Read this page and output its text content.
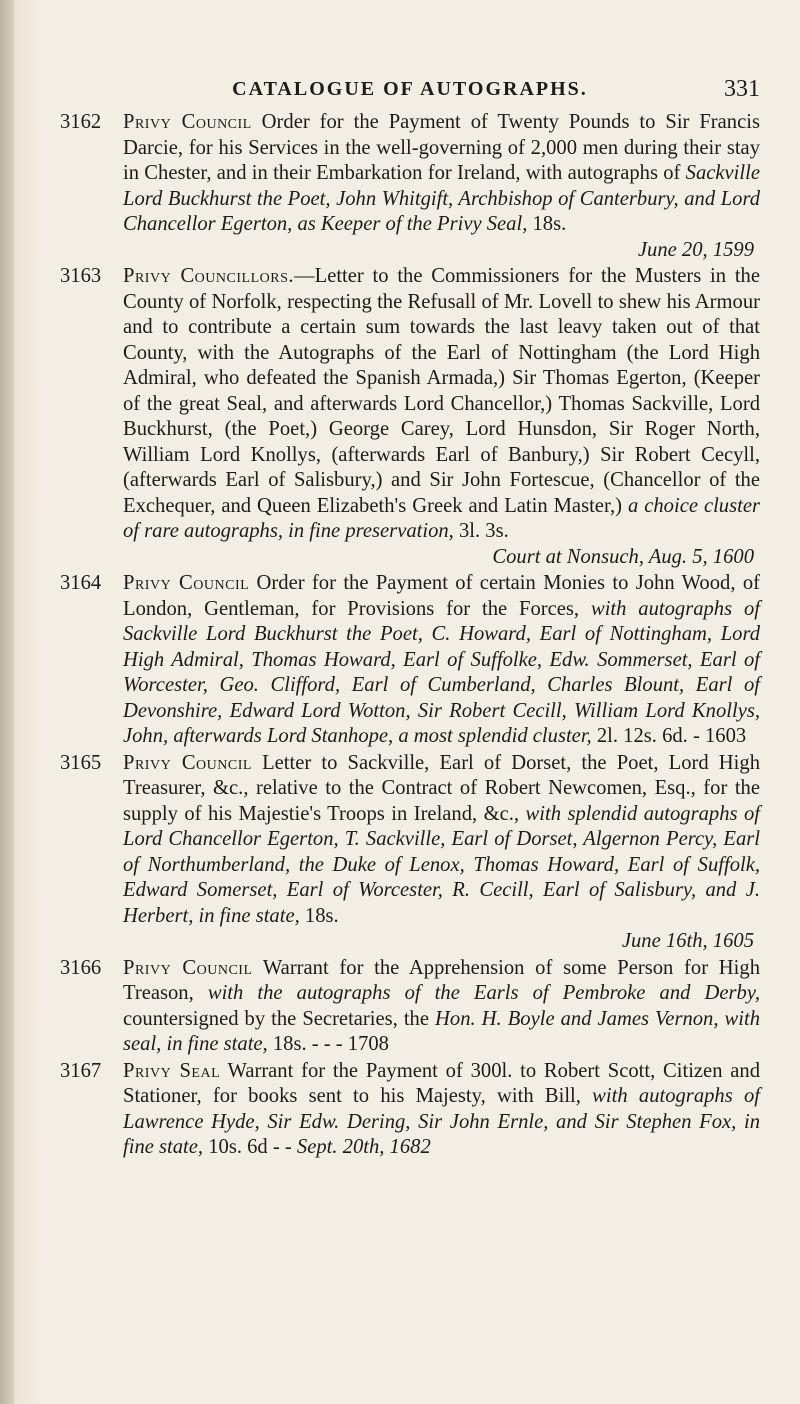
CATALOGUE OF AUTOGRAPHS.	331
3162	Privy Council Order for the Payment of Twenty Pounds to Sir Francis Darcie, for his Services in the well-governing of 2,000 men during their stay in Chester, and in their Embarkation for Ireland, with autographs of Sackville Lord Buckhurst the Poet, John Whitgift, Archbishop of Canterbury, and Lord Chancellor Egerton, as Keeper of the Privy Seal, 18s.
June 20, 1599
3163	Privy Councillors.—Letter to the Commissioners for the Musters in the County of Norfolk, respecting the Refusall of Mr. Lovell to shew his Armour and to contribute a certain sum towards the last leavy taken out of that County, with the Autographs of the Earl of Nottingham (the Lord High Admiral, who defeated the Spanish Armada,) Sir Thomas Egerton, (Keeper of the great Seal, and afterwards Lord Chancellor,) Thomas Sackville, Lord Buckhurst, (the Poet,) George Carey, Lord Hunsdon, Sir Roger North, William Lord Knollys, (afterwards Earl of Banbury,) Sir Robert Cecyll, (afterwards Earl of Salisbury,) and Sir John Fortescue, (Chancellor of the Exchequer, and Queen Elizabeth's Greek and Latin Master,) a choice cluster of rare autographs, in fine preservation, 3l. 3s.
Court at Nonsuch, Aug. 5, 1600
3164	Privy Council Order for the Payment of certain Monies to John Wood, of London, Gentleman, for Provisions for the Forces, with autographs of Sackville Lord Buckhurst the Poet, C. Howard, Earl of Nottingham, Lord High Admiral, Thomas Howard, Earl of Suffolke, Edw. Sommerset, Earl of Worcester, Geo. Clifford, Earl of Cumberland, Charles Blount, Earl of Devonshire, Edward Lord Wotton, Sir Robert Cecill, William Lord Knollys, John, afterwards Lord Stanhope, a most splendid cluster, 2l. 12s. 6d. - 1603
3165	Privy Council Letter to Sackville, Earl of Dorset, the Poet, Lord High Treasurer, &c., relative to the Contract of Robert Newcomen, Esq., for the supply of his Majestie's Troops in Ireland, &c., with splendid autographs of Lord Chancellor Egerton, T. Sackville, Earl of Dorset, Algernon Percy, Earl of Northumberland, the Duke of Lenox, Thomas Howard, Earl of Suffolk, Edward Somerset, Earl of Worcester, R. Cecill, Earl of Salisbury, and J. Herbert, in fine state, 18s.
June 16th, 1605
3166	Privy Council Warrant for the Apprehension of some Person for High Treason, with the autographs of the Earls of Pembroke and Derby, countersigned by the Secretaries, the Hon. H. Boyle and James Vernon, with seal, in fine state, 18s. - - - 1708
3167	Privy Seal Warrant for the Payment of 300l. to Robert Scott, Citizen and Stationer, for books sent to his Majesty, with Bill, with autographs of Lawrence Hyde, Sir Edw. Dering, Sir John Ernle, and Sir Stephen Fox, in fine state, 10s. 6d - - Sept. 20th, 1682
